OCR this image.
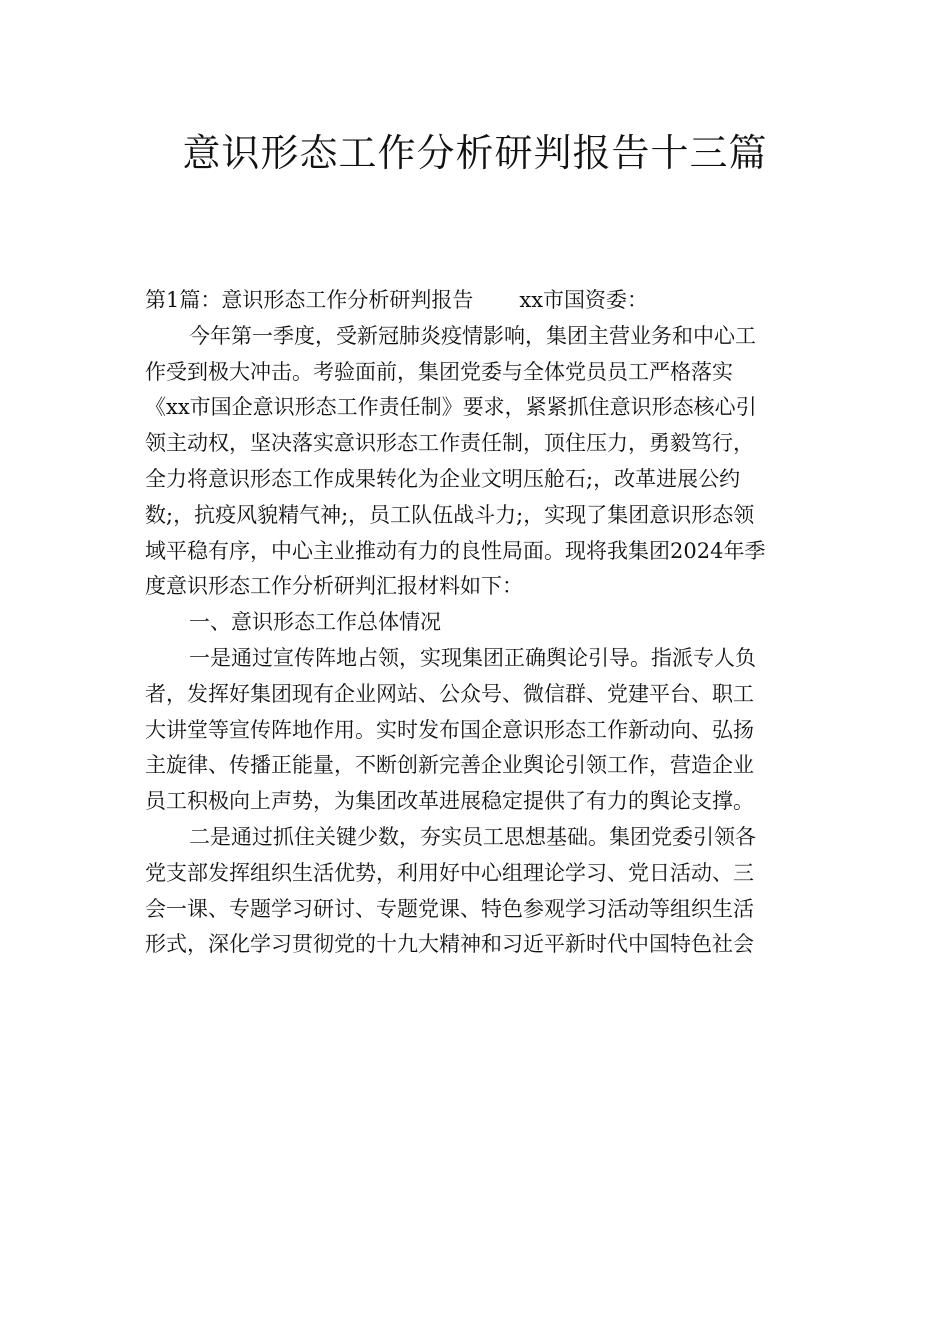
意识形态工作分析研判报告十三篇
第1篇：意识形态工作分析研判报告 xx市国资委：
今年第一季度，受新冠肺炎疫情影响，集团主营业务和中心工
作受到极大冲击。考验面前，集团党委与全体党员员工严格落实
《xx市国企意识形态工作责任制》要求，紧紧抓住意识形态核心引
领主动权，坚决落实意识形态工作责任制，顶住压力，勇毅笃行，
全力将意识形态工作成果转化为企业文明压舱石;，改革进展公约
数;，抗疫风貌精气神;，员工队伍战斗力;，实现了集团意识形态领
域平稳有序，中心主业推动有力的良性局面。现将我集团2024年季
度意识形态工作分析研判汇报材料如下：
一、意识形态工作总体情况
一是通过宣传阵地占领，实现集团正确舆论引导。指派专人负
者，发挥好集团现有企业网站、公众号、微信群、党建平台、职工
大讲堂等宣传阵地作用。实时发布国企意识形态工作新动向、弘扬
主旋律、传播正能量，不断创新完善企业舆论引领工作，营造企业
员工积极向上声势，为集团改革进展稳定提供了有力的舆论支撑。
二是通过抓住关键少数，夯实员工思想基础。集团党委引领各
党支部发挥组织生活优势，利用好中心组理论学习、党日活动、三
会一课、专题学习研讨、专题党课、特色参观学习活动等组织生活
形式，深化学习贯彻党的十九大精神和习近平新时代中国特色社会
